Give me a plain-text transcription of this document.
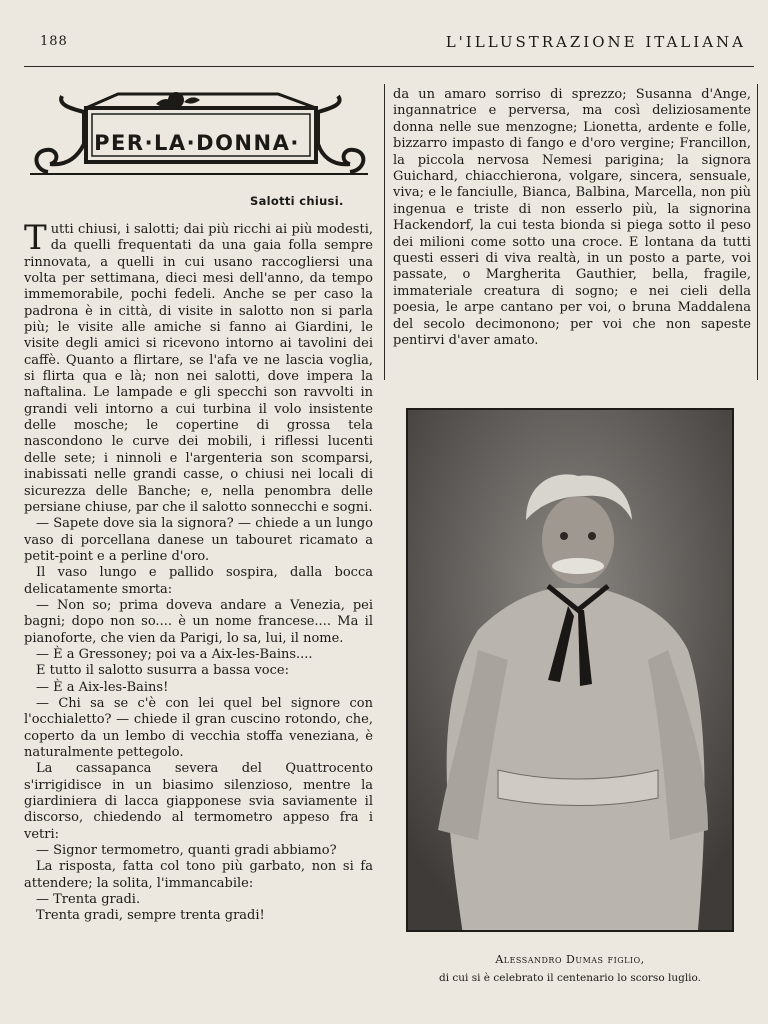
188	L'ILLUSTRAZIONE ITALIANA
PER·LA·DONNA·
Salotti chiusi.

Tutti chiusi, i salotti; dai più ricchi ai più modesti, da quelli frequentati da una gaia folla sempre rinnovata, a quelli in cui usano raccogliersi una volta per settimana, dieci mesi dell'anno, da tempo immemorabile, pochi fedeli. Anche se per caso la padrona è in città, di visite in salotto non si parla più; le visite alle amiche si fanno ai Giardini, le visite degli amici si ricevono intorno ai tavolini dei caffè. Quanto a flirtare, se l'afa ve ne lascia voglia, si flirta qua e là; non nei salotti, dove impera la naftalina. Le lampade e gli specchi son ravvolti in grandi veli intorno a cui turbina il volo insistente delle mosche; le copertine di grossa tela nascondono le curve dei mobili, i riflessi lucenti delle sete; i ninnoli e l'argenteria son scomparsi, inabissati nelle grandi casse, o chiusi nei locali di sicurezza delle Banche; e, nella penombra delle persiane chiuse, par che il salotto sonnecchi e sogni.

— Sapete dove sia la signora? — chiede a un lungo vaso di porcellana danese un tabouret ricamato a petit-point e a perline d'oro.

Il vaso lungo e pallido sospira, dalla bocca delicatamente smorta:

— Non so; prima doveva andare a Venezia, pei bagni; dopo non so.... è un nome francese.... Ma il pianoforte, che vien da Parigi, lo sa, lui, il nome.

— È a Gressoney; poi va a Aix-les-Bains....

E tutto il salotto susurra a bassa voce:

— È a Aix-les-Bains!

— Chi sa se c'è con lei quel bel signore con l'occhialetto? — chiede il gran cuscino rotondo, che, coperto da un lembo di vecchia stoffa veneziana, è naturalmente pettegolo.

La cassapanca severa del Quattrocento s'irrigidisce in un biasimo silenzioso, mentre la giardiniera di lacca giapponese svia saviamente il discorso, chiedendo al termometro appeso fra i vetri:

— Signor termometro, quanti gradi abbiamo?

La risposta, fatta col tono più garbato, non si fa attendere; la solita, l'immancabile:

— Trenta gradi.

Trenta gradi, sempre trenta gradi!

da un amaro sorriso di sprezzo; Susanna d'Ange, ingannatrice e perversa, ma così deliziosamente donna nelle sue menzogne; Lionetta, ardente e folle, bizzarro impasto di fango e d'oro vergine; Francillon, la piccola nervosa Nemesi parigina; la signora Guichard, chiacchierona, volgare, sincera, sensuale, viva; e le fanciulle, Bianca, Balbina, Marcella, non più ingenua e triste di non esserlo più, la signorina Hackendorf, la cui testa bionda si piega sotto il peso dei milioni come sotto una croce. E lontana da tutti questi esseri di viva realtà, in un posto a parte, voi passate, o Margherita Gauthier, bella, fragile, immateriale creatura di sogno; e nei cieli della poesia, le arpe cantano per voi, o bruna Maddalena del secolo decimonono; per voi che non sapeste pentirvi d'aver amato.

Alessandro Dumas figlio,
di cui si è celebrato il centenario lo scorso luglio.
